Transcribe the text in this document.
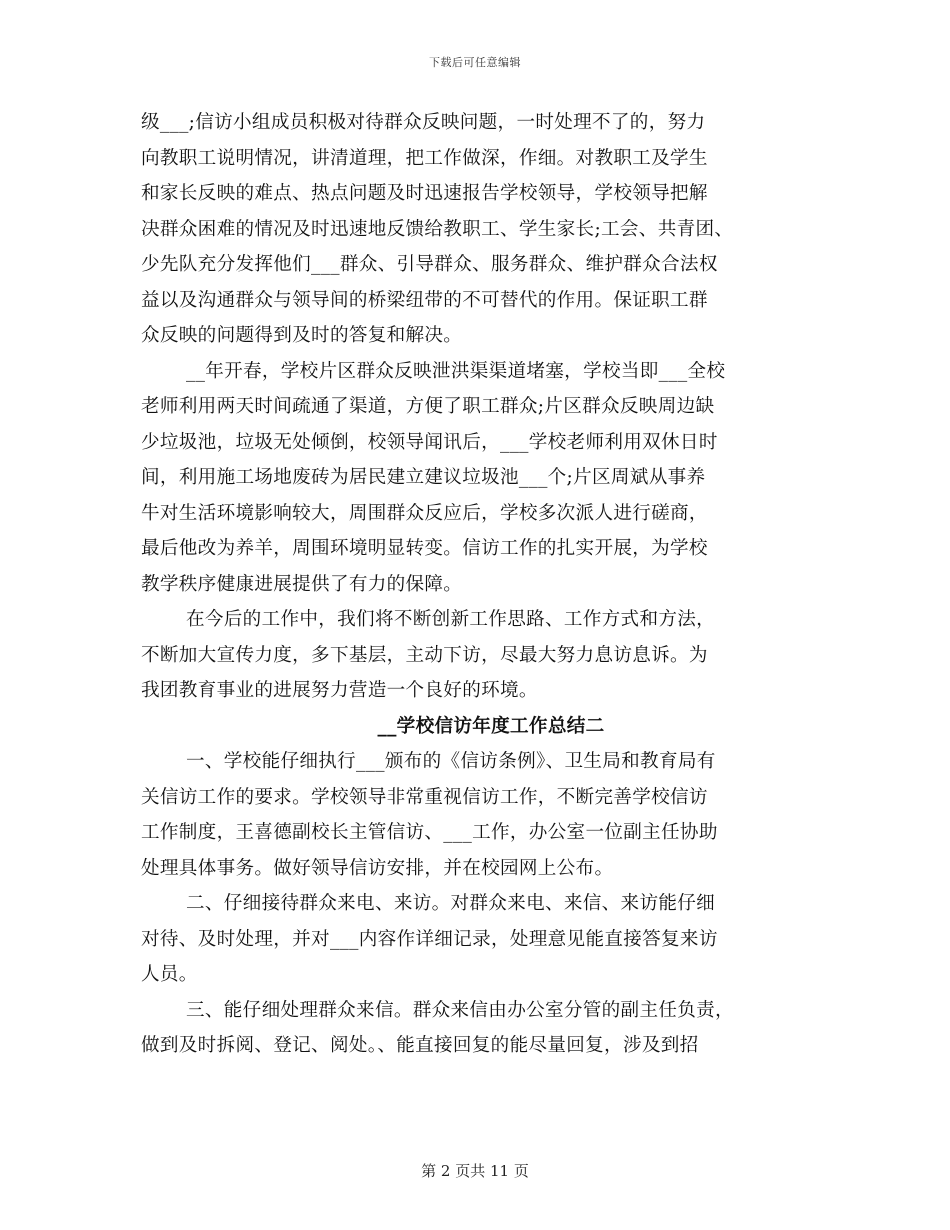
下载后可任意编辑
级___;信访小组成员积极对待群众反映问题，一时处理不了的，努力
向教职工说明情况，讲清道理，把工作做深，作细。对教职工及学生
和家长反映的难点、热点问题及时迅速报告学校领导，学校领导把解
决群众困难的情况及时迅速地反馈给教职工、学生家长;工会、共青团、
少先队充分发挥他们___群众、引导群众、服务群众、维护群众合法权
益以及沟通群众与领导间的桥梁纽带的不可替代的作用。保证职工群
众反映的问题得到及时的答复和解决。
__年开春，学校片区群众反映泄洪渠渠道堵塞，学校当即___全校
老师利用两天时间疏通了渠道，方便了职工群众;片区群众反映周边缺
少垃圾池，垃圾无处倾倒，校领导闻讯后，___学校老师利用双休日时
间，利用施工场地废砖为居民建立建议垃圾池___个;片区周斌从事养
牛对生活环境影响较大，周围群众反应后，学校多次派人进行磋商，
最后他改为养羊，周围环境明显转变。信访工作的扎实开展，为学校
教学秩序健康进展提供了有力的保障。
在今后的工作中，我们将不断创新工作思路、工作方式和方法，
不断加大宣传力度，多下基层，主动下访，尽最大努力息访息诉。为
我团教育事业的进展努力营造一个良好的环境。
__学校信访年度工作总结二
一、学校能仔细执行___颁布的《信访条例》、卫生局和教育局有
关信访工作的要求。学校领导非常重视信访工作，不断完善学校信访
工作制度，王喜德副校长主管信访、___工作，办公室一位副主任协助
处理具体事务。做好领导信访安排，并在校园网上公布。
二、仔细接待群众来电、来访。对群众来电、来信、来访能仔细
对待、及时处理，并对___内容作详细记录，处理意见能直接答复来访
人员。
三、能仔细处理群众来信。群众来信由办公室分管的副主任负责，
做到及时拆阅、登记、阅处。、能直接回复的能尽量回复，涉及到招
第 2 页共 11 页
